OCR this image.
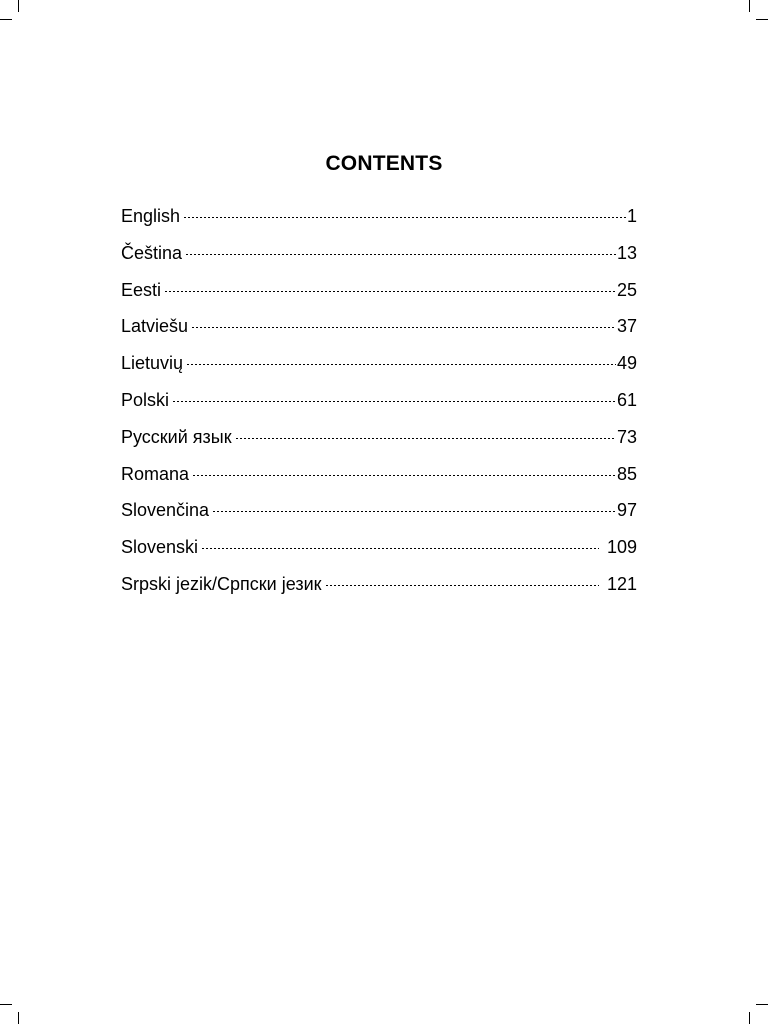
CONTENTS
English	1
Čeština	13
Eesti	25
Latviešu	37
Lietuvių	49
Polski	61
Русский язык	73
Romana	85
Slovenčina	97
Slovenski	109
Srpski jezik/Српски језик	121
